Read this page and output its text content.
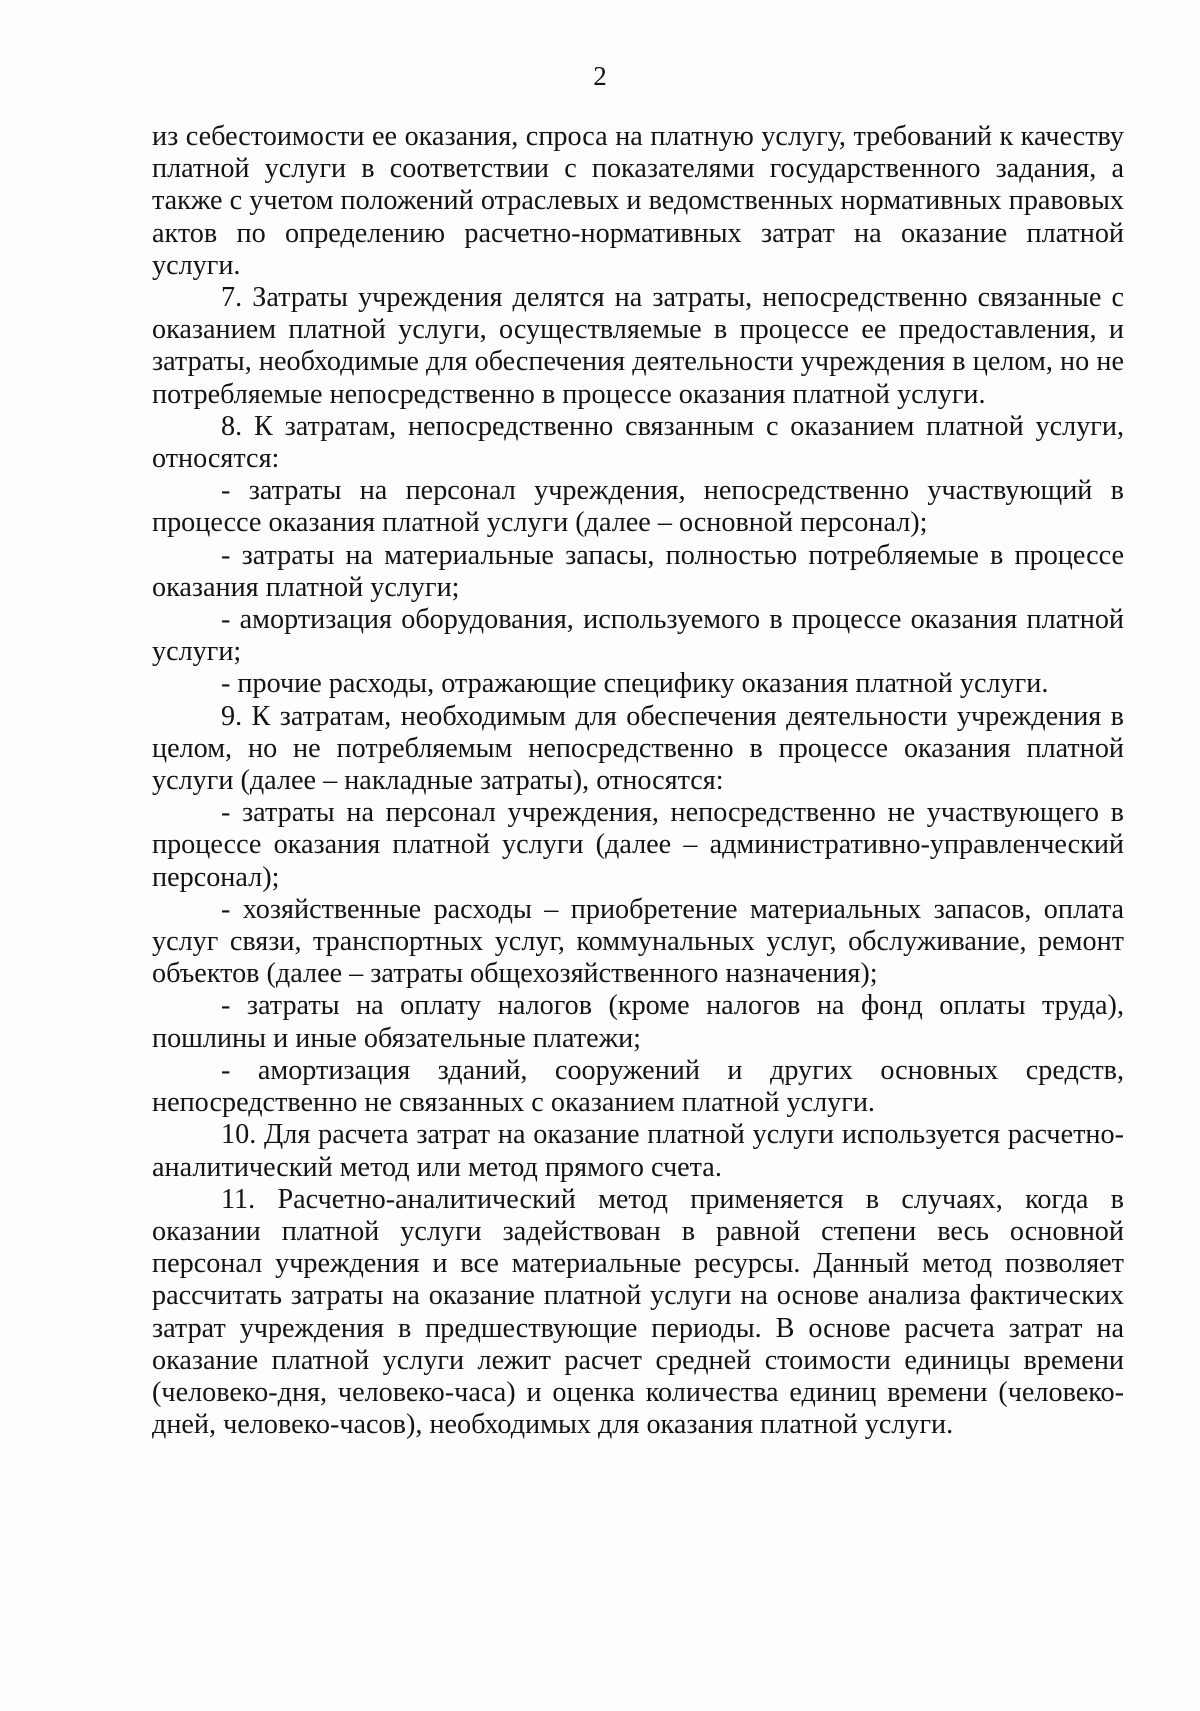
2

из себестоимости ее оказания, спроса на платную услугу, требований к качеству платной услуги в соответствии с показателями государственного задания, а также с учетом положений отраслевых и ведомственных нормативных правовых актов по определению расчетно-нормативных затрат на оказание платной услуги.

7. Затраты учреждения делятся на затраты, непосредственно связанные с оказанием платной услуги, осуществляемые в процессе ее предоставления, и затраты, необходимые для обеспечения деятельности учреждения в целом, но не потребляемые непосредственно в процессе оказания платной услуги.

8. К затратам, непосредственно связанным с оказанием платной услуги, относятся:

- затраты на персонал учреждения, непосредственно участвующий в процессе оказания платной услуги (далее – основной персонал);

- затраты на материальные запасы, полностью потребляемые в процессе оказания платной услуги;

- амортизация оборудования, используемого в процессе оказания платной услуги;

- прочие расходы, отражающие специфику оказания платной услуги.

9. К затратам, необходимым для обеспечения деятельности учреждения в целом, но не потребляемым непосредственно в процессе оказания платной услуги (далее – накладные затраты), относятся:

- затраты на персонал учреждения, непосредственно не участвующего в процессе оказания платной услуги (далее – административно-управленческий персонал);

- хозяйственные расходы – приобретение материальных запасов, оплата услуг связи, транспортных услуг, коммунальных услуг, обслуживание, ремонт объектов (далее – затраты общехозяйственного назначения);

- затраты на оплату налогов (кроме налогов на фонд оплаты труда), пошлины и иные обязательные платежи;

- амортизация зданий, сооружений и других основных средств, непосредственно не связанных с оказанием платной услуги.

10. Для расчета затрат на оказание платной услуги используется расчетно-аналитический метод или метод прямого счета.

11. Расчетно-аналитический метод применяется в случаях, когда в оказании платной услуги задействован в равной степени весь основной персонал учреждения и все материальные ресурсы. Данный метод позволяет рассчитать затраты на оказание платной услуги на основе анализа фактических затрат учреждения в предшествующие периоды. В основе расчета затрат на оказание платной услуги лежит расчет средней стоимости единицы времени (человеко-дня, человеко-часа) и оценка количества единиц времени (человеко-дней, человеко-часов), необходимых для оказания платной услуги.
